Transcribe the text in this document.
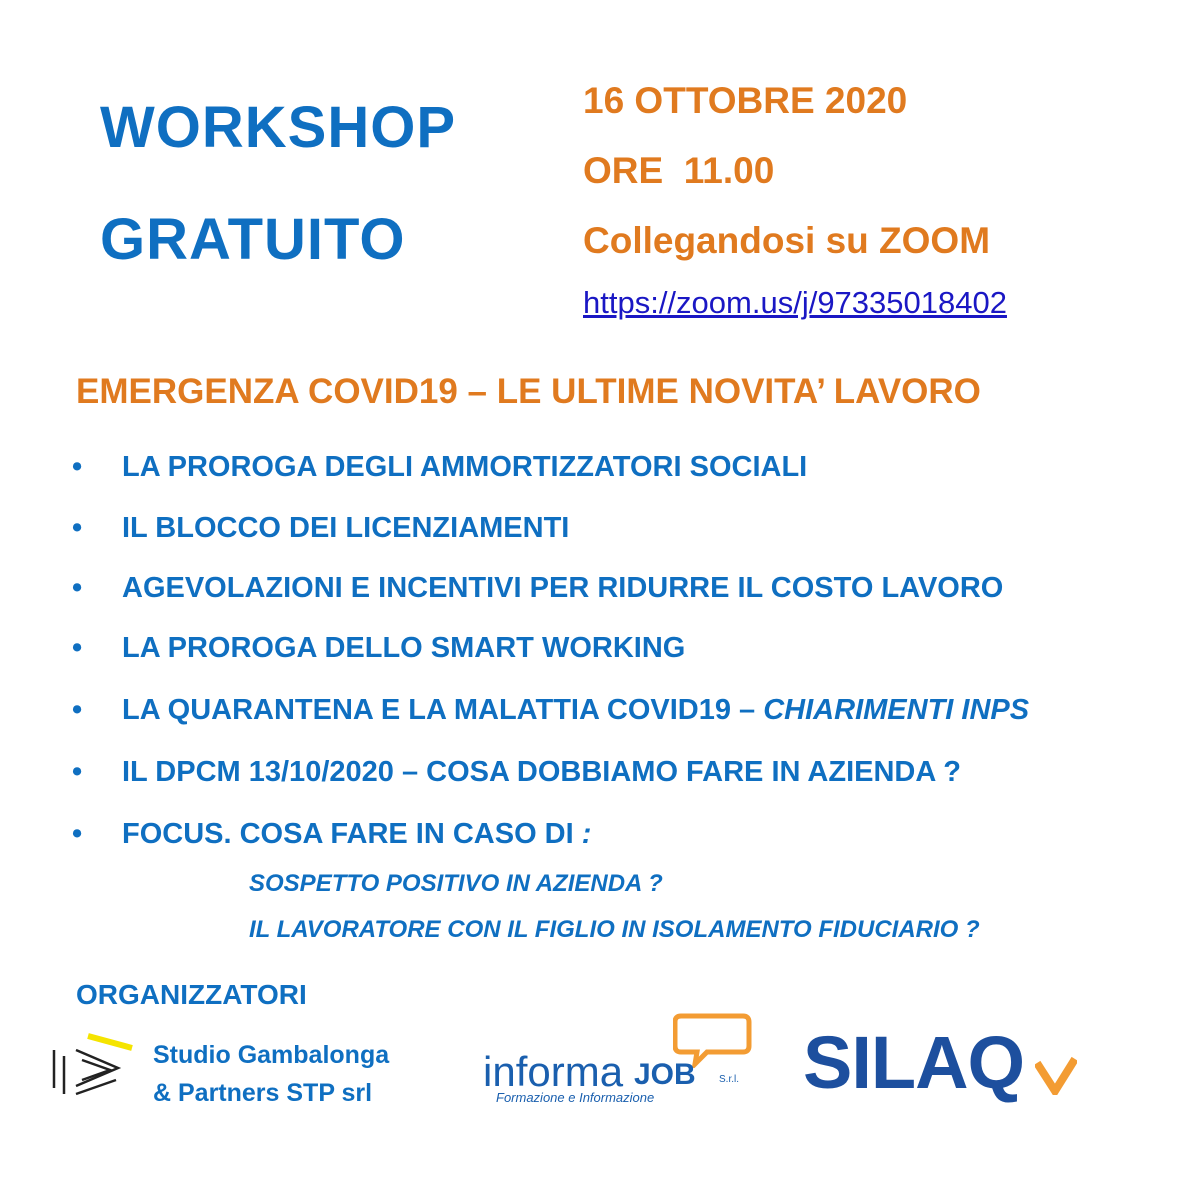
WORKSHOP
GRATUITO
16 OTTOBRE 2020
ORE  11.00
Collegandosi su ZOOM
https://zoom.us/j/97335018402
EMERGENZA COVID19 – LE ULTIME NOVITA’ LAVORO
• LA PROROGA DEGLI AMMORTIZZATORI SOCIALI
• IL BLOCCO DEI LICENZIAMENTI
• AGEVOLAZIONI E INCENTIVI PER RIDURRE IL COSTO LAVORO
• LA PROROGA DELLO SMART WORKING
• LA QUARANTENA E LA MALATTIA COVID19 – CHIARIMENTI INPS
• IL DPCM 13/10/2020 – COSA DOBBIAMO FARE IN AZIENDA ?
• FOCUS. COSA FARE IN CASO DI :
SOSPETTO POSITIVO IN AZIENDA ?
IL LAVORATORE CON IL FIGLIO IN ISOLAMENTO FIDUCIARIO ?
ORGANIZZATORI
Studio Gambalonga
& Partners STP srl	informa JOB S.r.l.
Formazione e Informazione SILAQ
